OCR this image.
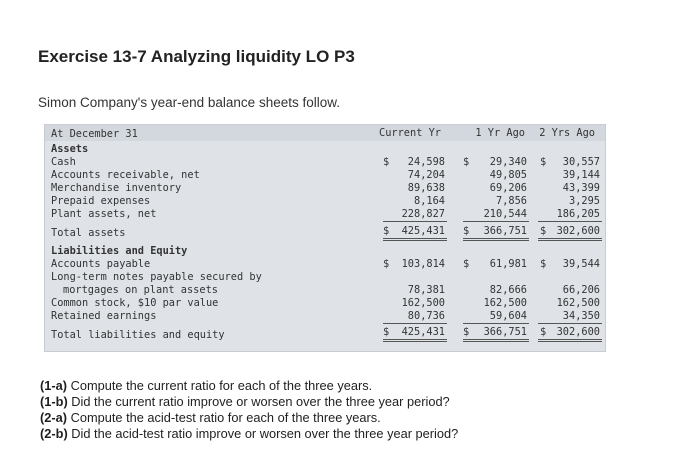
Exercise 13-7 Analyzing liquidity LO P3
Simon Company's year-end balance sheets follow.
At December 31	Current Yr	1 Yr Ago	2 Yrs Ago
Assets
Cash	$	24,598 $	29,340 $	30,557
Accounts receivable, net	74,204	49,805	39,144
Merchandise inventory	89,638	69,206	43,399
Prepaid expenses	8,164	7,856	3,295
Plant assets, net	228,827	210,544	186,205
Total assets	$	425,431 $	366,751 $	302,600
Liabilities and Equity
Accounts payable	$	103,814 $	61,981 $	39,544
Long-term notes payable secured by
mortgages on plant assets	78,381	82,666	66,206
Common stock, $10 par value	162,500	162,500	162,500
Retained earnings	80,736	59,604	34,350
Total liabilities and equity	$	425,431 $	366,751 $	302,600
(1-a) Compute the current ratio for each of the three years.
(1-b) Did the current ratio improve or worsen over the three year period?
(2-a) Compute the acid-test ratio for each of the three years.
(2-b) Did the acid-test ratio improve or worsen over the three year period?
